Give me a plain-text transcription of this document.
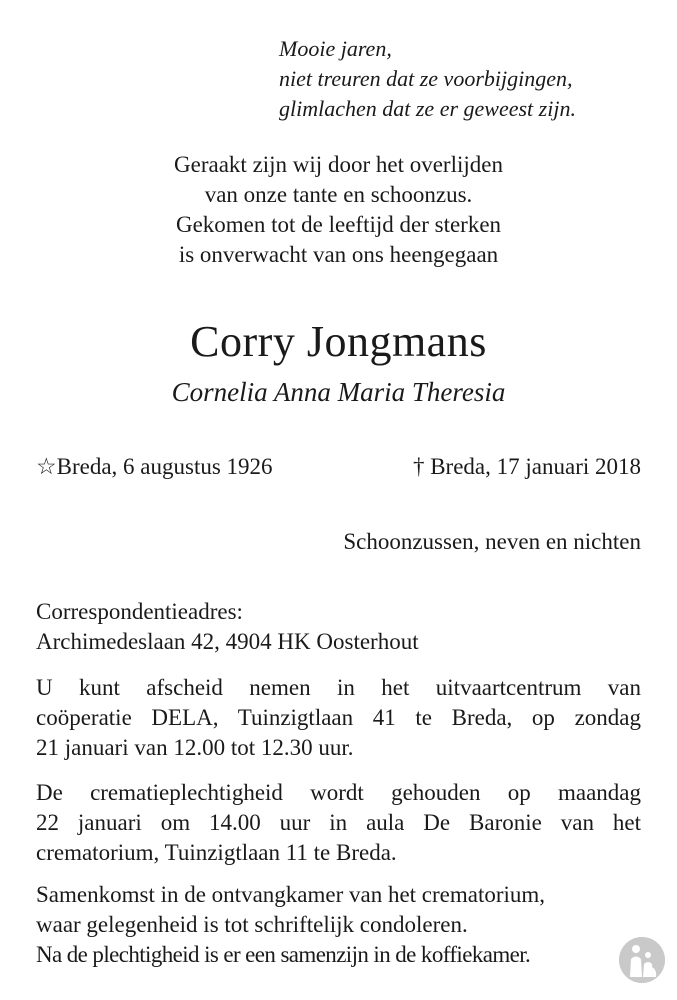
Mooie jaren,
niet treuren dat ze voorbijgingen,
glimlachen dat ze er geweest zijn.
Geraakt zijn wij door het overlijden
van onze tante en schoonzus.
Gekomen tot de leeftijd der sterken
is onverwacht van ons heengegaan
Corry Jongmans
Cornelia Anna Maria Theresia
☆Breda, 6 augustus 1926	† Breda, 17 januari 2018
Schoonzussen, neven en nichten

Correspondentieadres:

Archimedeslaan 42, 4904 HK Oosterhout

U kunt afscheid nemen in het uitvaartcentrum van

coöperatie DELA, Tuinzigtlaan 41 te Breda, op zondag

21 januari van 12.00 tot 12.30 uur.

De crematieplechtigheid wordt gehouden op maandag

22 januari om 14.00 uur in aula De Baronie van het

crematorium, Tuinzigtlaan 11 te Breda.

Samenkomst in de ontvangkamer van het crematorium,

waar gelegenheid is tot schriftelijk condoleren.

Na de plechtigheid is er een samenzijn in de koffiekamer.
